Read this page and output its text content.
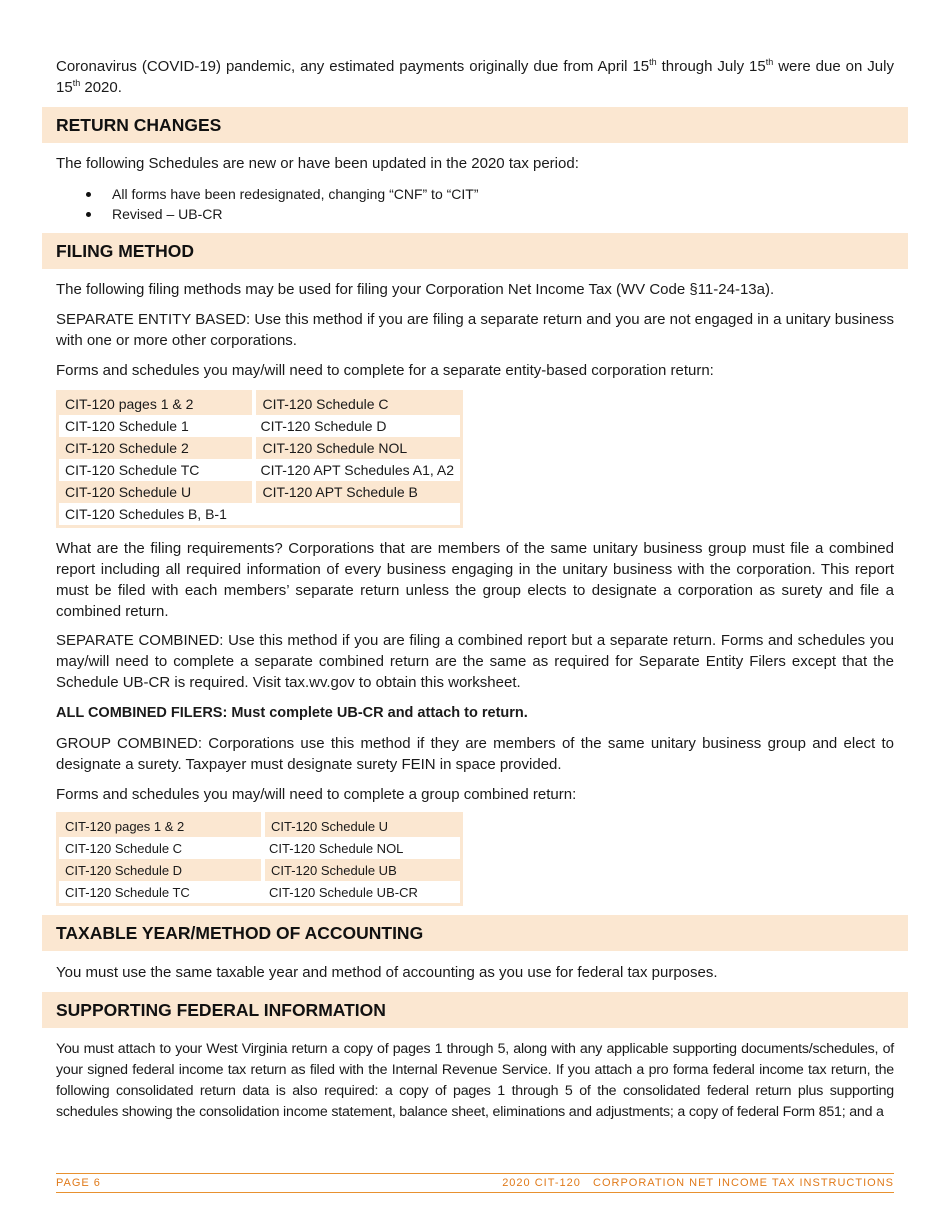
Coronavirus (COVID-19) pandemic, any estimated payments originally due from April 15th through July 15th were due on July 15th 2020.

RETURN CHANGES

The following Schedules are new or have been updated in the 2020 tax period:

All forms have been redesignated, changing “CNF” to “CIT”
Revised – UB-CR
FILING METHOD

The following filing methods may be used for filing your Corporation Net Income Tax (WV Code §11-24-13a).

SEPARATE ENTITY BASED: Use this method if you are filing a separate return and you are not engaged in a unitary business with one or more other corporations.

Forms and schedules you may/will need to complete for a separate entity-based corporation return:

CIT-120 pages 1 & 2	CIT-120 Schedule C
CIT-120 Schedule 1	CIT-120 Schedule D
CIT-120 Schedule 2	CIT-120 Schedule NOL
CIT-120 Schedule TC	CIT-120 APT Schedules A1, A2
CIT-120 Schedule U	CIT-120 APT Schedule B
CIT-120 Schedules B, B-1	

What are the filing requirements? Corporations that are members of the same unitary business group must file a combined report including all required information of every business engaging in the unitary business with the corporation. This report must be filed with each members’ separate return unless the group elects to designate a corporation as surety and file a combined return.

SEPARATE COMBINED: Use this method if you are filing a combined report but a separate return. Forms and schedules you may/will need to complete a separate combined return are the same as required for Separate Entity Filers except that the Schedule UB-CR is required. Visit tax.wv.gov to obtain this worksheet.

ALL COMBINED FILERS: Must complete UB-CR and attach to return.

GROUP COMBINED: Corporations use this method if they are members of the same unitary business group and elect to designate a surety. Taxpayer must designate surety FEIN in space provided.

Forms and schedules you may/will need to complete a group combined return:

CIT-120 pages 1 & 2	CIT-120 Schedule U
CIT-120 Schedule C	CIT-120 Schedule NOL
CIT-120 Schedule D	CIT-120 Schedule UB
CIT-120 Schedule TC	CIT-120 Schedule UB-CR
TAXABLE YEAR/METHOD OF ACCOUNTING

You must use the same taxable year and method of accounting as you use for federal tax purposes.

SUPPORTING FEDERAL INFORMATION

You must attach to your West Virginia return a copy of pages 1 through 5, along with any applicable supporting documents/schedules, of your signed federal income tax return as filed with the Internal Revenue Service. If you attach a pro forma federal income tax return, the following consolidated return data is also required: a copy of pages 1 through 5 of the consolidated federal return plus supporting schedules showing the consolidation income statement, balance sheet, eliminations and adjustments; a copy of federal Form 851; and a

PAGE 6	2020 CIT-120   CORPORATION NET INCOME TAX INSTRUCTIONS
